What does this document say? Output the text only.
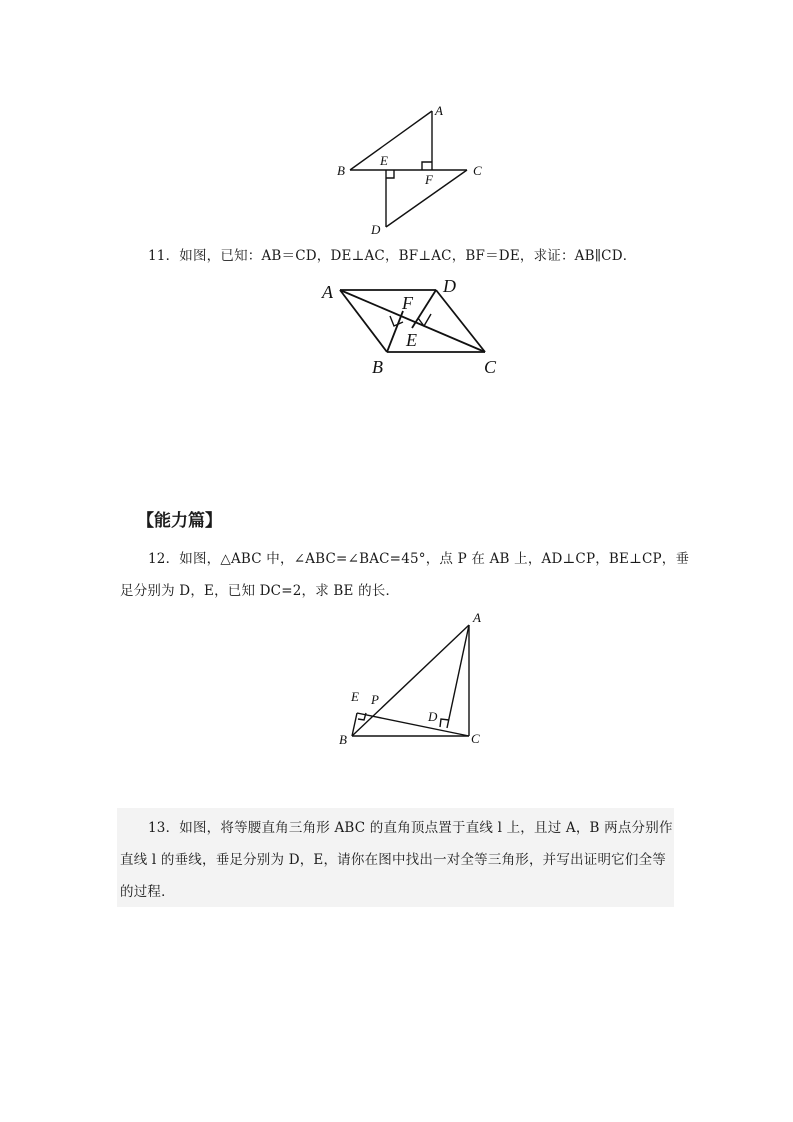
A
B	C
D
E
F
11．如图，已知：AB＝CD，DE⊥AC，BF⊥AC，BF＝DE，求证：AB∥CD．
A
B	C
D
E
F
【能力篇】
12．如图，△ABC 中，∠ABC=∠BAC=45°，点 P 在 AB 上，AD⊥CP，BE⊥CP，垂
足分别为 D，E，已知 DC=2，求 BE 的长．
A
B	C
D
E P
13．如图，将等腰直角三角形 ABC 的直角顶点置于直线 l 上，且过 A，B 两点分别作
直线 l 的垂线，垂足分别为 D，E，请你在图中找出一对全等三角形，并写出证明它们全等
的过程．
